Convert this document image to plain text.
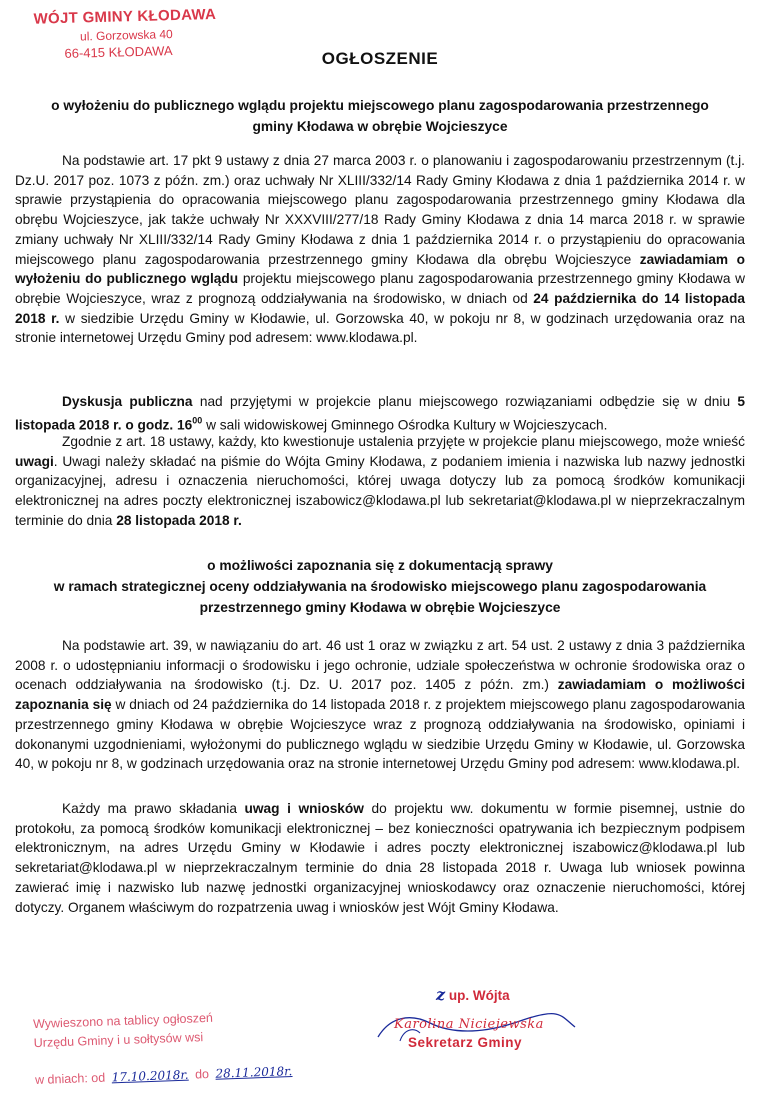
WÓJT GMINY KŁODAWA
ul. Gorzowska 40
66-415 KŁODAWA	OGŁOSZENIE
o wyłożeniu do publicznego wglądu projektu miejscowego planu zagospodarowania przestrzennego
gminy Kłodawa w obrębie Wojcieszyce

Na podstawie art. 17 pkt 9 ustawy z dnia 27 marca 2003 r. o planowaniu i zagospodarowaniu przestrzennym (t.j. Dz.U. 2017 poz. 1073 z późn. zm.) oraz uchwały Nr XLIII/332/14 Rady Gminy Kłodawa z dnia 1 października 2014 r. w sprawie przystąpienia do opracowania miejscowego planu zagospodarowania przestrzennego gminy Kłodawa dla obrębu Wojcieszyce, jak także uchwały Nr XXXVIII/277/18 Rady Gminy Kłodawa z dnia 14 marca 2018 r. w sprawie zmiany uchwały Nr XLIII/332/14 Rady Gminy Kłodawa z dnia 1 października 2014 r. o przystąpieniu do opracowania miejscowego planu zagospodarowania przestrzennego gminy Kłodawa dla obrębu Wojcieszyce zawiadamiam o wyłożeniu do publicznego wglądu projektu miejscowego planu zagospodarowania przestrzennego gminy Kłodawa w obrębie Wojcieszyce, wraz z prognozą oddziaływania na środowisko, w dniach od 24 października do 14 listopada 2018 r. w siedzibie Urzędu Gminy w Kłodawie, ul. Gorzowska 40, w pokoju nr 8, w godzinach urzędowania oraz na stronie internetowej Urzędu Gminy pod adresem: www.klodawa.pl.

Dyskusja publiczna nad przyjętymi w projekcie planu miejscowego rozwiązaniami odbędzie się w dniu 5 listopada 2018 r. o godz. $16^{00}$ w sali widowiskowej Gminnego Ośrodka Kultury w Wojcieszycach.

Zgodnie z art. 18 ustawy, każdy, kto kwestionuje ustalenia przyjęte w projekcie planu miejscowego, może wnieść uwagi. Uwagi należy składać na piśmie do Wójta Gminy Kłodawa, z podaniem imienia i nazwiska lub nazwy jednostki organizacyjnej, adresu i oznaczenia nieruchomości, której uwaga dotyczy lub za pomocą środków komunikacji elektronicznej na adres poczty elektronicznej iszabowicz@klodawa.pl lub sekretariat@klodawa.pl w nieprzekraczalnym terminie do dnia 28 listopada 2018 r.

o możliwości zapoznania się z dokumentacją sprawy
w ramach strategicznej oceny oddziaływania na środowisko miejscowego planu zagospodarowania
przestrzennego gminy Kłodawa w obrębie Wojcieszyce

Na podstawie art. 39, w nawiązaniu do art. 46 ust 1 oraz w związku z art. 54 ust. 2 ustawy z dnia 3 października 2008 r. o udostępnianiu informacji o środowisku i jego ochronie, udziale społeczeństwa w ochronie środowiska oraz o ocenach oddziaływania na środowisko (t.j. Dz. U. 2017 poz. 1405 z późn. zm.) zawiadamiam o możliwości zapoznania się w dniach od 24 października do 14 listopada 2018 r. z projektem miejscowego planu zagospodarowania przestrzennego gminy Kłodawa w obrębie Wojcieszyce wraz z prognozą oddziaływania na środowisko, opiniami i dokonanymi uzgodnieniami, wyłożonymi do publicznego wglądu w siedzibie Urzędu Gminy w Kłodawie, ul. Gorzowska 40, w pokoju nr 8, w godzinach urzędowania oraz na stronie internetowej Urzędu Gminy pod adresem: www.klodawa.pl.

Każdy ma prawo składania uwag i wniosków do projektu ww. dokumentu w formie pisemnej, ustnie do protokołu, za pomocą środków komunikacji elektronicznej – bez konieczności opatrywania ich bezpiecznym podpisem elektronicznym, na adres Urzędu Gminy w Kłodawie i adres poczty elektronicznej iszabowicz@klodawa.pl lub sekretariat@klodawa.pl w nieprzekraczalnym terminie do dnia 28 listopada 2018 r. Uwaga lub wniosek powinna zawierać imię i nazwisko lub nazwę jednostki organizacyjnej wnioskodawcy oraz oznaczenie nieruchomości, której dotyczy. Organem właściwym do rozpatrzenia uwag i wniosków jest Wójt Gminy Kłodawa.

Wywieszono na tablicy ogłoszeń
Urzędu Gminy i u sołtysów wsi
w dniach: od 17.10.2018r. do 28.11.2018r.
z up. Wójta
Karolina Niciejewska
Sekretarz Gminy
